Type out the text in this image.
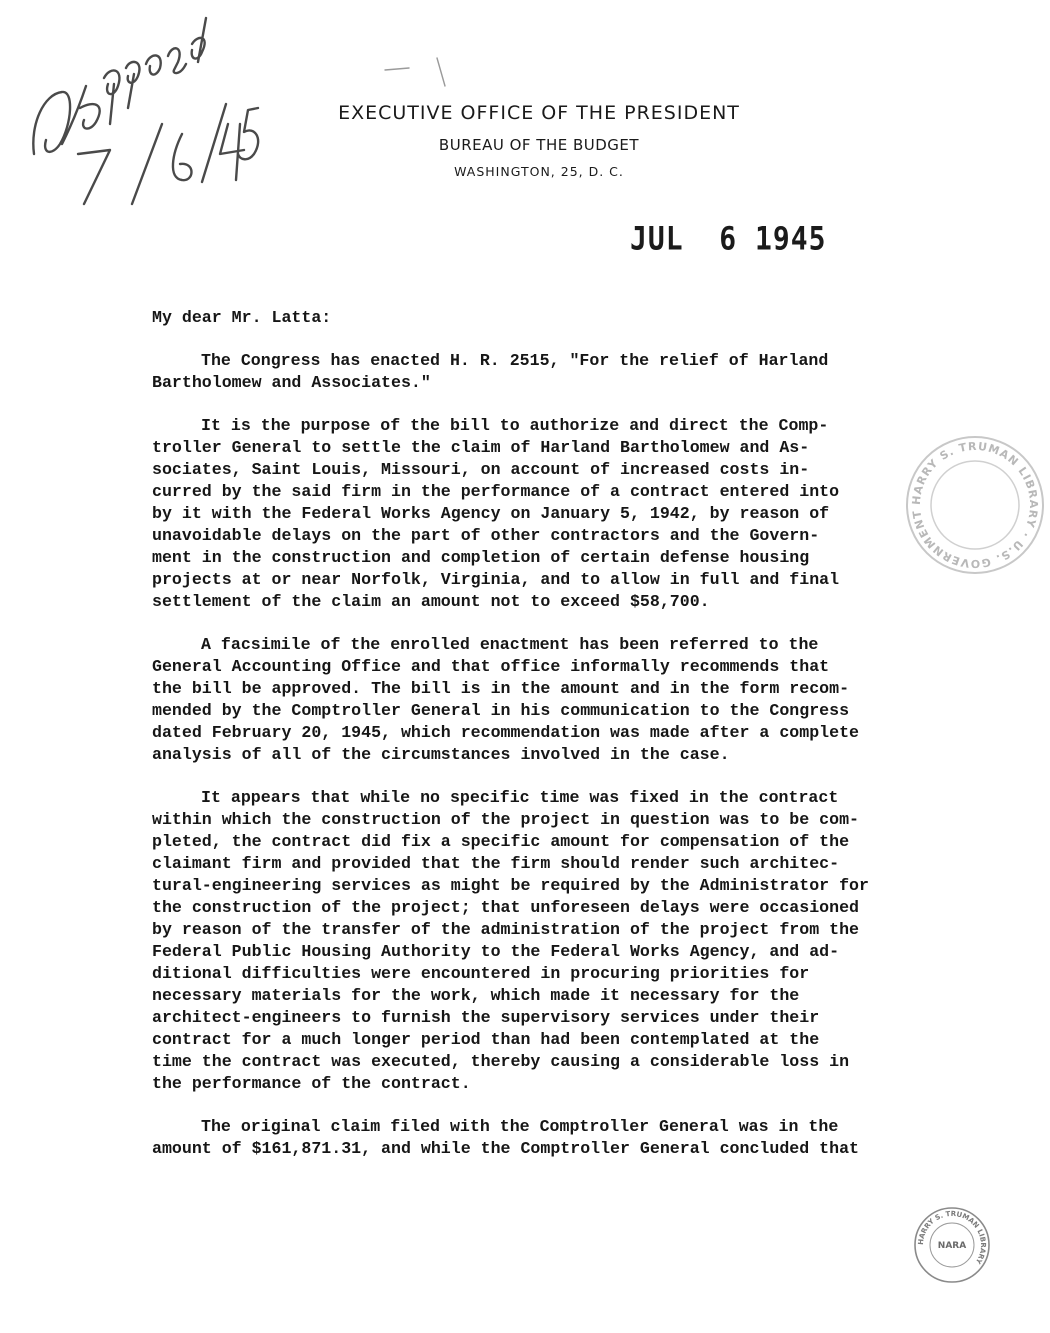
EXECUTIVE OFFICE OF THE PRESIDENT
BUREAU OF THE BUDGET
WASHINGTON, 25, D. C.
JUL  6 1945
HARRY S. TRUMAN LIBRARY · U.S. GOVERNMENT
My dear Mr. Latta:
The Congress has enacted H. R. 2515, "For the relief of Harland
Bartholomew and Associates."
It is the purpose of the bill to authorize and direct the Comp-
troller General to settle the claim of Harland Bartholomew and As-
sociates, Saint Louis, Missouri, on account of increased costs in-
curred by the said firm in the performance of a contract entered into
by it with the Federal Works Agency on January 5, 1942, by reason of
unavoidable delays on the part of other contractors and the Govern-
ment in the construction and completion of certain defense housing
projects at or near Norfolk, Virginia, and to allow in full and final
settlement of the claim an amount not to exceed $58,700.
A facsimile of the enrolled enactment has been referred to the
General Accounting Office and that office informally recommends that
the bill be approved. The bill is in the amount and in the form recom-
mended by the Comptroller General in his communication to the Congress
dated February 20, 1945, which recommendation was made after a complete
analysis of all of the circumstances involved in the case.
It appears that while no specific time was fixed in the contract
within which the construction of the project in question was to be com-
pleted, the contract did fix a specific amount for compensation of the
claimant firm and provided that the firm should render such architec-
tural-engineering services as might be required by the Administrator for
the construction of the project; that unforeseen delays were occasioned
by reason of the transfer of the administration of the project from the
Federal Public Housing Authority to the Federal Works Agency, and ad-
ditional difficulties were encountered in procuring priorities for
necessary materials for the work, which made it necessary for the
architect-engineers to furnish the supervisory services under their
contract for a much longer period than had been contemplated at the
time the contract was executed, thereby causing a considerable loss in
the performance of the contract.
The original claim filed with the Comptroller General was in the
amount of $161,871.31, and while the Comptroller General concluded that
HARRY S. TRUMAN LIBRARY
NARA
